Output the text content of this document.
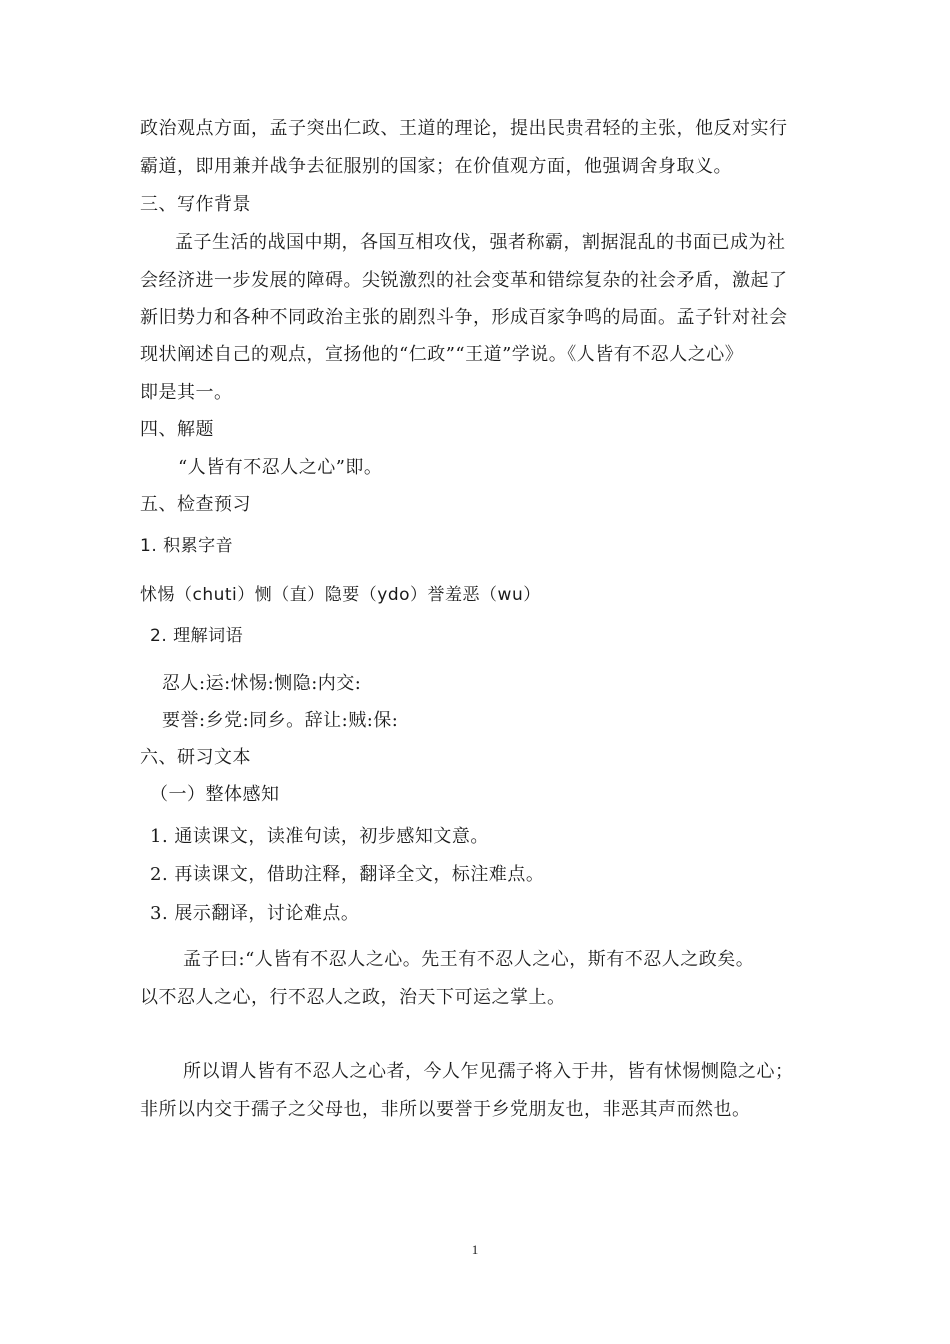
政治观点方面，孟子突出仁政、王道的理论，提出民贵君轻的主张，他反对实行
霸道，即用兼并战争去征服别的国家；在价值观方面，他强调舍身取义。
三、写作背景
孟子生活的战国中期，各国互相攻伐，强者称霸，割据混乱的书面已成为社
会经济进一步发展的障碍。尖锐激烈的社会变革和错综复杂的社会矛盾，激起了
新旧势力和各种不同政治主张的剧烈斗争，形成百家争鸣的局面。孟子针对社会
现状阐述自己的观点，宣扬他的“仁政”“王道”学说。《人皆有不忍人之心》
即是其一。
四、解题
“人皆有不忍人之心”即。
五、检查预习
1. 积累字音
怵惕（chuti）恻（直）隐要（ydo）誉羞恶（wu）
2. 理解词语
忍人:运:怵惕:恻隐:内交:
要誉:乡党:同乡。辞让:贼:保:
六、研习文本
（一）整体感知
1. 通读课文，读准句读，初步感知文意。
2. 再读课文，借助注释，翻译全文，标注难点。
3. 展示翻译，讨论难点。
孟子曰:“人皆有不忍人之心。先王有不忍人之心，斯有不忍人之政矣。
以不忍人之心，行不忍人之政，治天下可运之掌上。
所以谓人皆有不忍人之心者，今人乍见孺子将入于井，皆有怵惕恻隐之心；
非所以内交于孺子之父母也，非所以要誉于乡党朋友也，非恶其声而然也。
1
